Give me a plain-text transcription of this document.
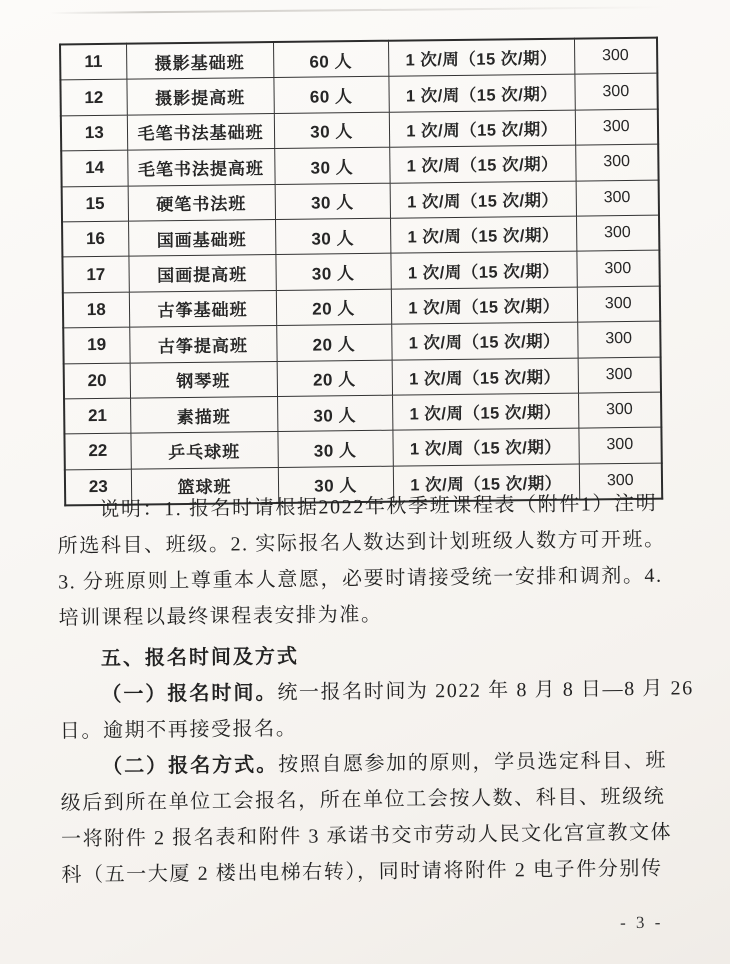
11	摄影基础班	60 人	1 次/周（15 次/期）	300
12	摄影提高班	60 人	1 次/周（15 次/期）	300
13	毛笔书法基础班	30 人	1 次/周（15 次/期）	300
14	毛笔书法提高班	30 人	1 次/周（15 次/期）	300
15	硬笔书法班	30 人	1 次/周（15 次/期）	300
16	国画基础班	30 人	1 次/周（15 次/期）	300
17	国画提高班	30 人	1 次/周（15 次/期）	300
18	古筝基础班	20 人	1 次/周（15 次/期）	300
19	古筝提高班	20 人	1 次/周（15 次/期）	300
20	钢琴班	20 人	1 次/周（15 次/期）	300
21	素描班	30 人	1 次/周（15 次/期）	300
22	乒乓球班	30 人	1 次/周（15 次/期）	300
23	篮球班	30 人	1 次/周（15 次/期）	300

说明：1. 报名时请根据2022年秋季班课程表（附件1）注明

所选科目、班级。2. 实际报名人数达到计划班级人数方可开班。

3. 分班原则上尊重本人意愿，必要时请接受统一安排和调剂。4.

培训课程以最终课程表安排为准。

五、报名时间及方式

（一）报名时间。统一报名时间为 2022 年 8 月 8 日—8 月 26

日。逾期不再接受报名。

（二）报名方式。按照自愿参加的原则，学员选定科目、班

级后到所在单位工会报名，所在单位工会按人数、科目、班级统

一将附件 2 报名表和附件 3 承诺书交市劳动人民文化宫宣教文体

科（五一大厦 2 楼出电梯右转），同时请将附件 2 电子件分别传

- 3 -
